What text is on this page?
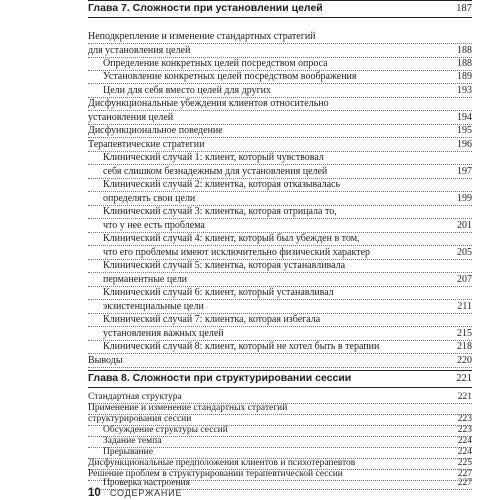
Глава 7. Сложности при установлении целей	187
Неподкрепление и изменение стандартных стратегий
для установления целей	188
Определение конкретных целей посредством опроса	188
Установление конкретных целей посредством воображения	189
Цели для себя вместо целей для других	193
Дисфункциональные убеждения клиентов относительно
установления целей	194
Дисфункциональное поведение	195
Терапевтические стратегии	196
Клинический случай 1: клиент, который чувствовал
себя слишком безнадежным для установления целей	197
Клинический случай 2: клиентка, которая отказывалась
определять свои цели	199
Клинический случай 3: клиентка, которая отрицала то,
что у нее есть проблема	201
Клинический случай 4: клиент, который был убежден в том,
что его проблемы имеют исключительно физический характер	205
Клинический случай 5: клиентка, которая устанавливала
перманентные цели	207
Клинический случай 6: клиент, который устанавливал
экзистенциальные цели	211
Клинический случай 7: клиентка, которая избегала
установления важных целей	215
Клинический случай 8: клиент, который не хотел быть в терапии	218
Выводы	220
Глава 8. Сложности при структурировании сессии	221
Стандартная структура	221
Применение и изменение стандартных стратегий
структурирования сессии	223
Обсуждение структуры сессий	223
Задание темпа	224
Прерывание	224
Дисфункциональные предположения клиентов и психотерапевтов	225
Решение проблем в структурировании терапевтической сессии	227
Проверка настроения	227
10 СОДЕРЖАНИЕ
